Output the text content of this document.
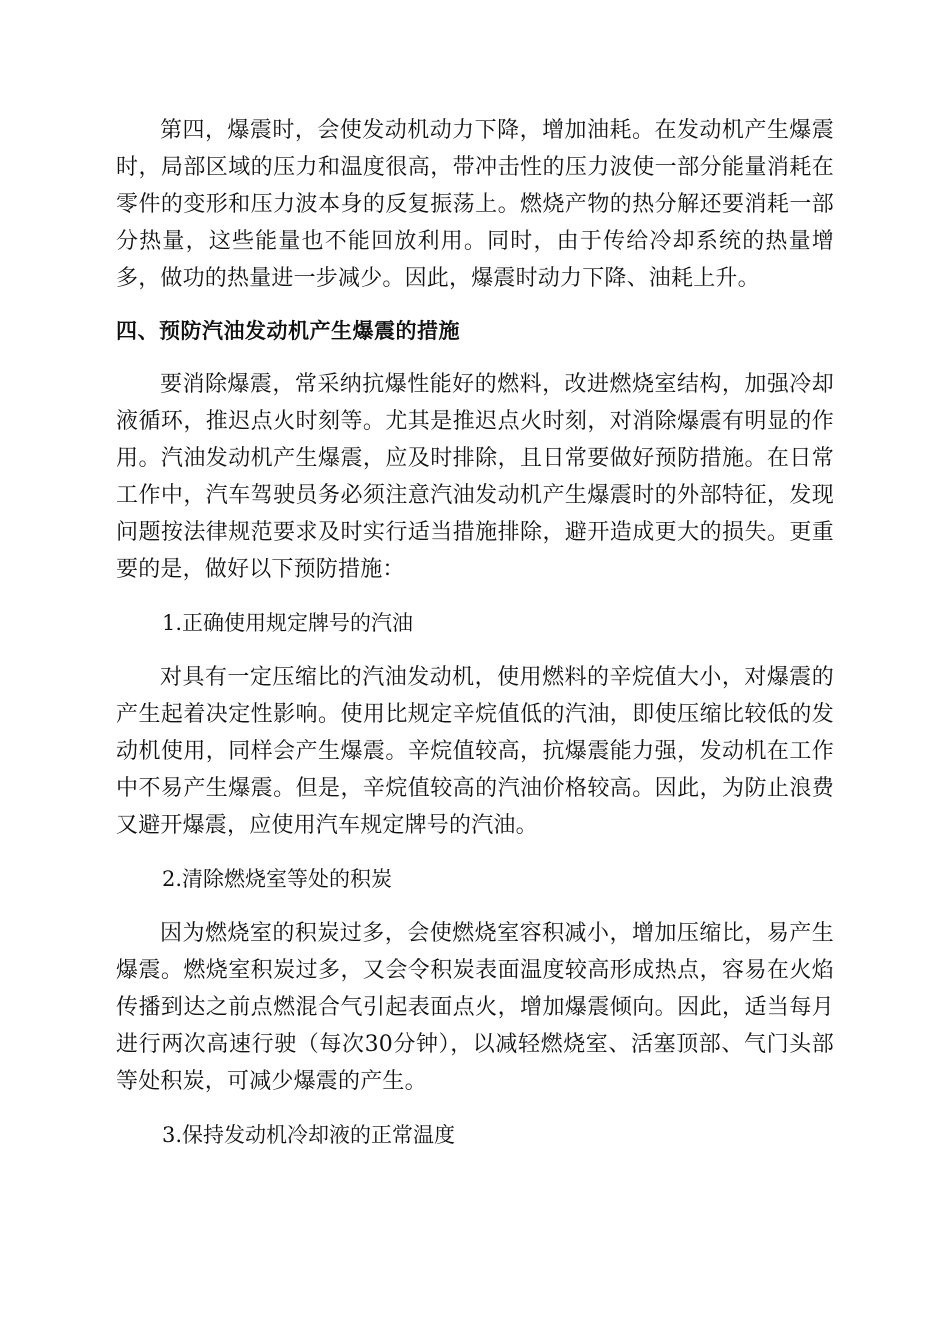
第四，爆震时，会使发动机动力下降，增加油耗。在发动机产生爆震时，局部区域的压力和温度很高，带冲击性的压力波使一部分能量消耗在零件的变形和压力波本身的反复振荡上。燃烧产物的热分解还要消耗一部分热量，这些能量也不能回放利用。同时，由于传给冷却系统的热量增多，做功的热量进一步减少。因此，爆震时动力下降、油耗上升。

四、预防汽油发动机产生爆震的措施

要消除爆震，常采纳抗爆性能好的燃料，改进燃烧室结构，加强冷却液循环，推迟点火时刻等。尤其是推迟点火时刻，对消除爆震有明显的作用。汽油发动机产生爆震，应及时排除，且日常要做好预防措施。在日常工作中，汽车驾驶员务必须注意汽油发动机产生爆震时的外部特征，发现问题按法律规范要求及时实行适当措施排除，避开造成更大的损失。更重要的是，做好以下预防措施：

1.正确使用规定牌号的汽油

对具有一定压缩比的汽油发动机，使用燃料的辛烷值大小，对爆震的产生起着决定性影响。使用比规定辛烷值低的汽油，即使压缩比较低的发动机使用，同样会产生爆震。辛烷值较高，抗爆震能力强，发动机在工作中不易产生爆震。但是，辛烷值较高的汽油价格较高。因此，为防止浪费又避开爆震，应使用汽车规定牌号的汽油。

2.清除燃烧室等处的积炭

因为燃烧室的积炭过多，会使燃烧室容积减小，增加压缩比，易产生爆震。燃烧室积炭过多，又会令积炭表面温度较高形成热点，容易在火焰传播到达之前点燃混合气引起表面点火，增加爆震倾向。因此，适当每月进行两次高速行驶（每次30分钟），以减轻燃烧室、活塞顶部、气门头部等处积炭，可减少爆震的产生。

3.保持发动机冷却液的正常温度
